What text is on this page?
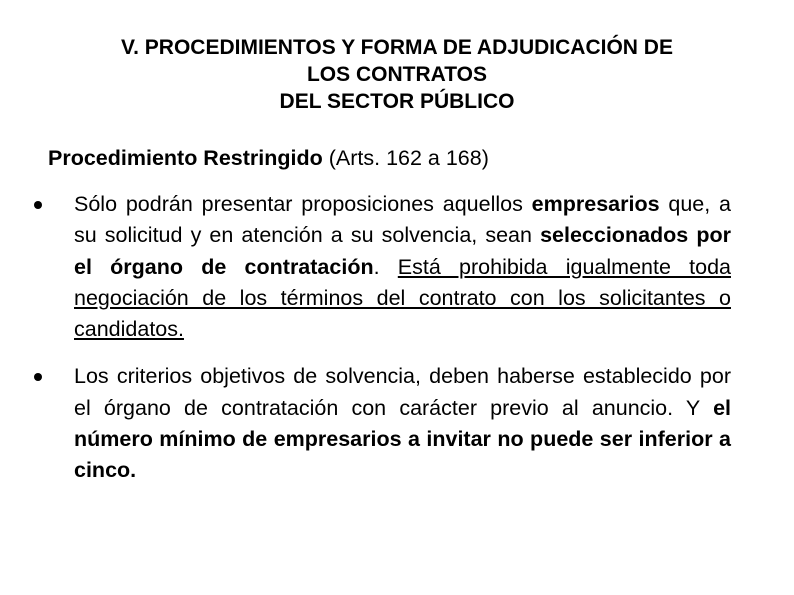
V. PROCEDIMIENTOS Y FORMA DE ADJUDICACIÓN DE
LOS CONTRATOS
DEL SECTOR PÚBLICO
Procedimiento Restringido (Arts. 162 a 168)
Sólo podrán presentar proposiciones aquellos empresarios que, a su solicitud y en atención a su solvencia, sean seleccionados por el órgano de contratación. Está prohibida igualmente toda negociación de los términos del contrato con los solicitantes o candidatos.
Los criterios objetivos de solvencia, deben haberse establecido por el órgano de contratación con carácter previo al anuncio. Y el número mínimo de empresarios a invitar no puede ser inferior a cinco.
